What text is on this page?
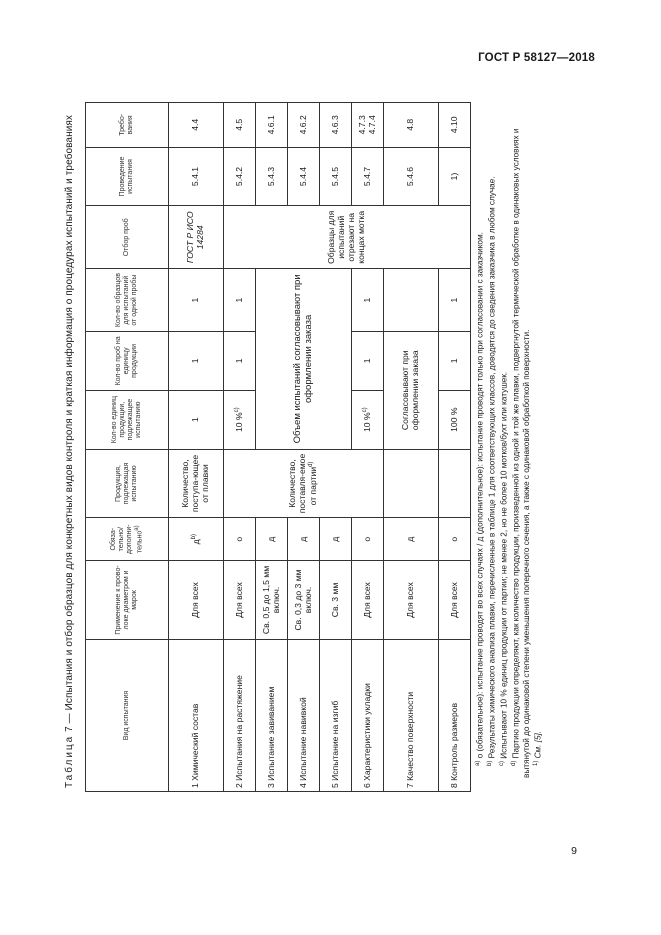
ГОСТ Р 58127—2018
Таблица 7 — Испытания и отбор образцов для конкретных видов контроля и краткая информация о процедурах испытаний и требованиях	Вид испытания	Применение к прово-локе диаметром и марок	Обяза-тельно/ дополни-тельно$^{а)}$	Продукция, подлежащая испытанию	Кол-во единиц продукции, подлежащее испытанию	Кол-во проб на единицу продукции	Кол-во образцов для испытаний от одной пробы	Отбор проб	Проведение испытания	Требо-вания
1 Химический состав	Для всех	$д^{b)}$	Количество, поступа-ющее от плавки	1	1	1	ГОСТ Р ИСО 14284	5.4.1	4.4
2 Испытания на растяжение	Для всех	о	Количество, поставля-емое от партии$^{d)}$	10 %$^{c)}$	1	1	Образцы для испытаний отрезают на концах мотка	5.4.2	4.5
3 Испытание завиванием	Св. 0,5 до 1,5 мм включ.	д		Объем испытаний согласовывают при оформлении заказа				5.4.3	4.6.1
4 Испытание навивкой	Св. 0,3 до 3 мм включ.	д						5.4.4	4.6.2
5 Испытание на изгиб	Св. 3 мм	д						5.4.5	4.6.3
6 Характеристики укладки	Для всех	о		10 %$^{c)}$	1	1		5.4.7	4.7.3 4.7.4
7 Качество поверхности	Для всех	д		Согласовывают при оформлении заказа				5.4.6	4.8
8 Контроль размеров	Для всех	о		100 %	1	1		1)	4.10

$^{a)}$ о (обязательное): испытание проводят во всех случаях / д (дополнительное): испытание проводят только при согласовании с заказчиком.

$^{b)}$ Результаты химического анализа плавки, перечисленные в таблице 1 для соответствующих классов, доводятся до сведения заказчика в любом случае.

$^{c)}$ Испытывают 10 % единиц продукции от партии; не менее 2, но не более 10 мотков/бухт или катушек.

$^{d)}$ Партию продукции определяют, как количество продукции, произведенной из одной и той же плавки, подвергнутой термической обработке в одинаковых условиях и вытянутой до одинаковой степени уменьшения поперечного сечения, а также с одинаковой обработкой поверхности. $^{1)}$ См. [5].

9
